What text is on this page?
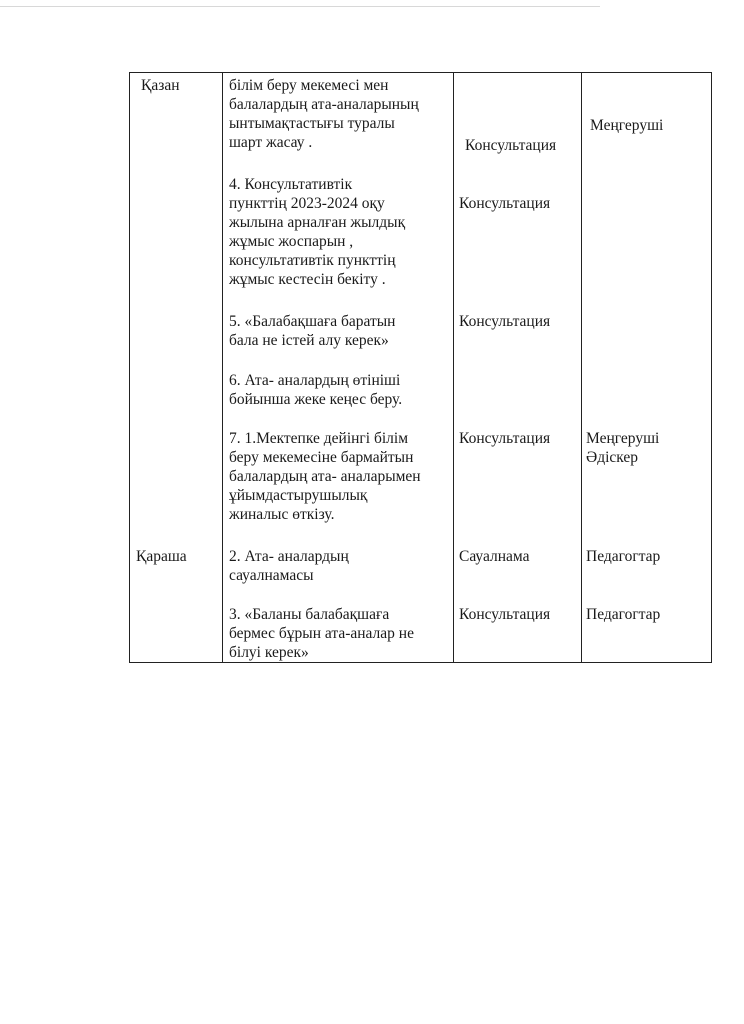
Қазан
Қараша
білім беру мекемесі мен
балалардың ата-аналарының
ынтымақтастығы туралы
шарт жасау .	Консультация
Меңгеруші
4. Консультативтік
пункттің 2023-2024 оқу
жылына арналған жылдық
жұмыс жоспарын ,
консультативтік пункттің
жұмыс кестесін бекіту .
Консультация
5. «Балабақшаға баратын
бала не істей алу керек»
Консультация
6. Ата- аналардың өтініші
бойынша жеке кеңес беру.
7. 1.Мектепке дейінгі білім
беру мекемесіне бармайтын
балалардың ата- аналарымен
ұйымдастырушылық
жиналыс өткізу.
Консультация Меңгеруші
Әдіскер
2. Ата- аналардың
сауалнамасы
Сауалнама	Педагогтар
3. «Баланы балабақшаға
бермес бұрын ата-аналар не
білуі керек»
Консультация Педагогтар
